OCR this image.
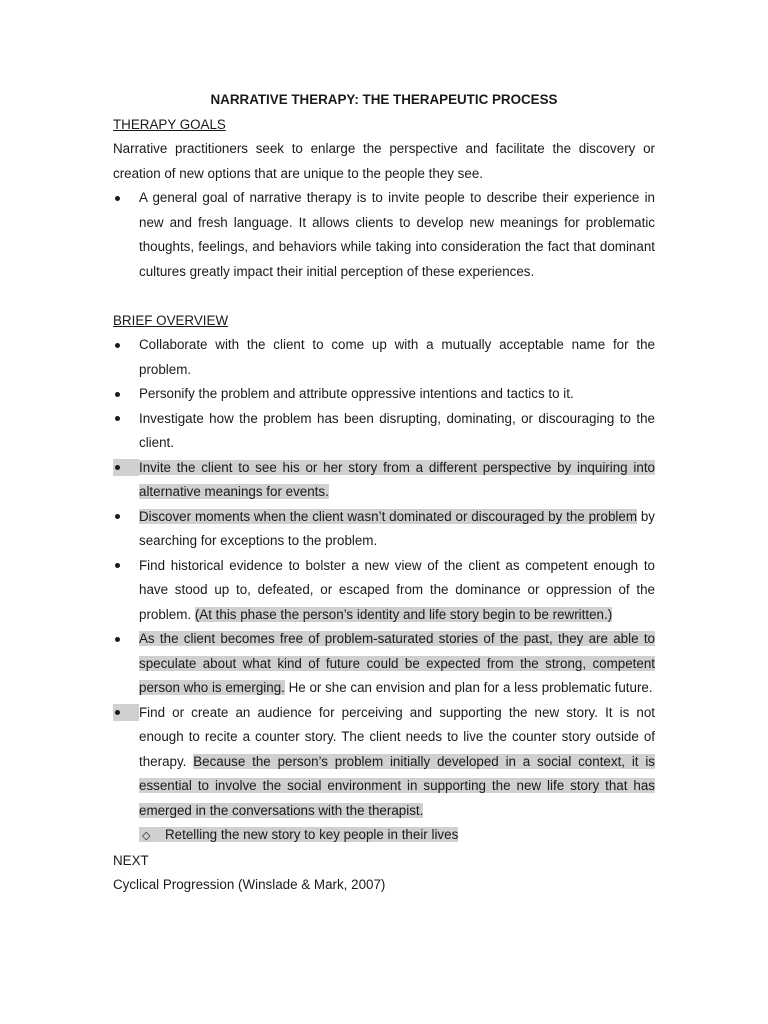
NARRATIVE THERAPY: THE THERAPEUTIC PROCESS

THERAPY GOALS

Narrative practitioners seek to enlarge the perspective and facilitate the discovery or creation of new options that are unique to the people they see.

A general goal of narrative therapy is to invite people to describe their experience in new and fresh language. It allows clients to develop new meanings for problematic thoughts, feelings, and behaviors while taking into consideration the fact that dominant cultures greatly impact their initial perception of these experiences.

BRIEF OVERVIEW

Collaborate with the client to come up with a mutually acceptable name for the problem.
Personify the problem and attribute oppressive intentions and tactics to it.
Investigate how the problem has been disrupting, dominating, or discouraging to the client.
Invite the client to see his or her story from a different perspective by inquiring into alternative meanings for events.
Discover moments when the client wasn’t dominated or discouraged by the problem by searching for exceptions to the problem.
Find historical evidence to bolster a new view of the client as competent enough to have stood up to, defeated, or escaped from the dominance or oppression of the problem. (At this phase the person’s identity and life story begin to be rewritten.)
As the client becomes free of problem-saturated stories of the past, they are able to speculate about what kind of future could be expected from the strong, competent person who is emerging. He or she can envision and plan for a less problematic future.
Find or create an audience for perceiving and supporting the new story. It is not enough to recite a counter story. The client needs to live the counter story outside of therapy. Because the person’s problem initially developed in a social context, it is essential to involve the social environment in supporting the new life story that has emerged in the conversations with the therapist.
◇ Retelling the new story to key people in their lives

NEXT

Cyclical Progression (Winslade & Mark, 2007)
